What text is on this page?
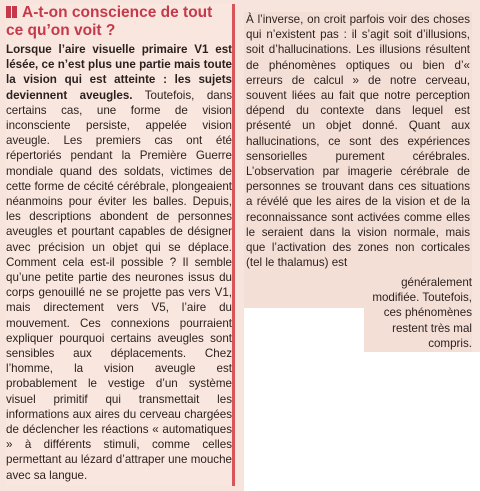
A-t-on conscience de tout ce qu’on voit ?
Lorsque l’aire visuelle primaire V1 est lésée, ce n’est plus une partie mais toute la vision qui est atteinte : les sujets deviennent aveugles. Toutefois, dans certains cas, une forme de vision inconsciente persiste, appelée vision aveugle. Les premiers cas ont été répertoriés pendant la Première Guerre mondiale quand des soldats, victimes de cette forme de cécité cérébrale, plongeaient néanmoins pour éviter les balles. Depuis, les descriptions abondent de personnes aveugles et pourtant capables de désigner avec précision un objet qui se déplace. Comment cela est-il possible ? Il semble qu’une petite partie des neurones issus du corps genouillé ne se projette pas vers V1, mais directement vers V5, l’aire du mouvement. Ces connexions pourraient expliquer pourquoi certains aveugles sont sensibles aux déplacements. Chez l’homme, la vision aveugle est probablement le vestige d’un système visuel primitif qui transmettait les informations aux aires du cerveau chargées de déclencher les réactions « automatiques » à différents stimuli, comme celles permettant au lézard d’attraper une mouche avec sa langue.
À l’inverse, on croit parfois voir des choses qui n’existent pas : il s’agit soit d’illusions, soit d’hallucinations. Les illusions résultent de phénomènes optiques ou bien d’« erreurs de calcul » de notre cerveau, souvent liées au fait que notre perception dépend du contexte dans lequel est présenté un objet donné. Quant aux hallucinations, ce sont des expériences sensorielles purement cérébrales. L’observation par imagerie cérébrale de personnes se trouvant dans ces situations a révélé que les aires de la vision et de la reconnaissance sont activées comme elles le seraient dans la vision normale, mais que l’activation des zones non corticales (tel le thalamus) est
généralement modifiée. Toutefois, ces phénomènes restent très mal compris.
